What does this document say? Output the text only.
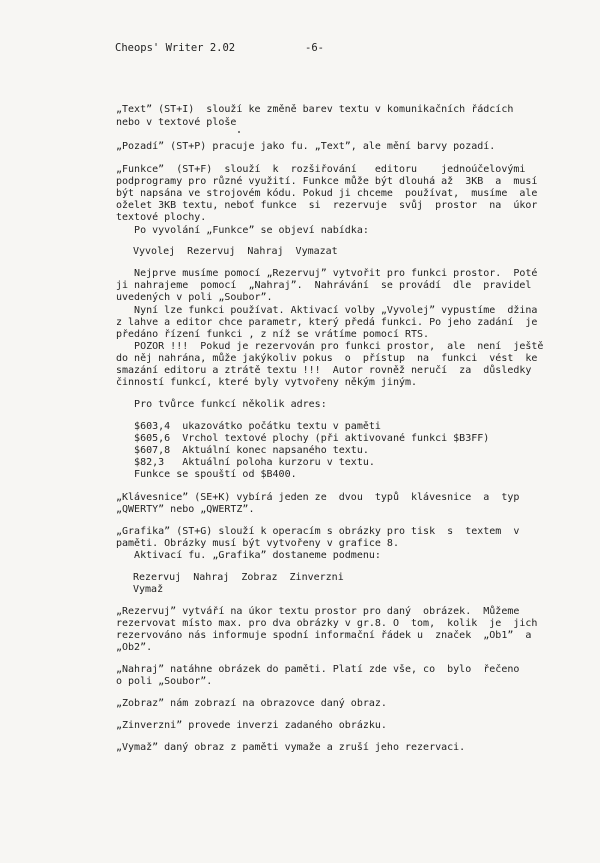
Cheops' Writer 2.02	-6-
„Text” (ST+I)  slouží ke změně barev textu v komunikačních řádcích
nebo v textové ploše
„Pozadí” (ST+P) pracuje jako fu. „Text”, ale mění barvy pozadí.
„Funkce”  (ST+F)  slouží  k  rozšiřování   editoru    jednoúčelovými
podprogramy pro různé využití. Funkce může být dlouhá až  3KB  a  musí
být napsána ve strojovém kódu. Pokud ji chceme  používat,  musíme  ale
oželet 3KB textu, neboť funkce  si  rezervuje  svůj  prostor  na  úkor
textové plochy.
Po vyvolání „Funkce” se objeví nabídka:
Vyvolej  Rezervuj  Nahraj  Vymazat
Nejprve musíme pomocí „Rezervuj” vytvořit pro funkci prostor.  Poté
ji nahrajeme  pomocí  „Nahraj”.  Nahrávání  se provádí  dle  pravidel
uvedených v poli „Soubor”.
Nyní lze funkci používat. Aktivací volby „Vyvolej” vypustíme  džina
z lahve a editor chce parametr, který předá funkci. Po jeho zadání  je
předáno řízení funkci , z níž se vrátíme pomocí RTS.
POZOR !!!  Pokud je rezervován pro funkci prostor,  ale  není  ještě
do něj nahrána, může jakýkoliv pokus  o  přístup  na  funkci  vést  ke
smazání editoru a ztrátě textu !!!  Autor rovněž neručí  za  důsledky
činností funkcí, které byly vytvořeny někým jiným.
Pro tvůrce funkcí několik adres:
$603,4  ukazovátko počátku textu v paměti
$605,6  Vrchol textové plochy (při aktivované funkci $B3FF)
$607,8  Aktuální konec napsaného textu.
$82,3   Aktuální poloha kurzoru v textu.
Funkce se spouští od $B400.
„Klávesnice” (SE+K) vybírá jeden ze  dvou  typů  klávesnice  a  typ
„QWERTY” nebo „QWERTZ”.
„Grafika” (ST+G) slouží k operacím s obrázky pro tisk  s  textem  v
paměti. Obrázky musí být vytvořeny v grafice 8.
Aktivací fu. „Grafika” dostaneme podmenu:
Rezervuj  Nahraj  Zobraz  Zinverzni
Vymaž
„Rezervuj” vytváří na úkor textu prostor pro daný  obrázek.  Můžeme
rezervovat místo max. pro dva obrázky v gr.8. O  tom,  kolik  je  jich
rezervováno nás informuje spodní informační řádek u  značek  „Ob1”  a
„Ob2”.
„Nahraj” natáhne obrázek do paměti. Platí zde vše, co  bylo  řečeno
o poli „Soubor”.
„Zobraz” nám zobrazí na obrazovce daný obraz.
„Zinverzni” provede inverzi zadaného obrázku.
„Vymaž” daný obraz z paměti vymaže a zruší jeho rezervaci.
